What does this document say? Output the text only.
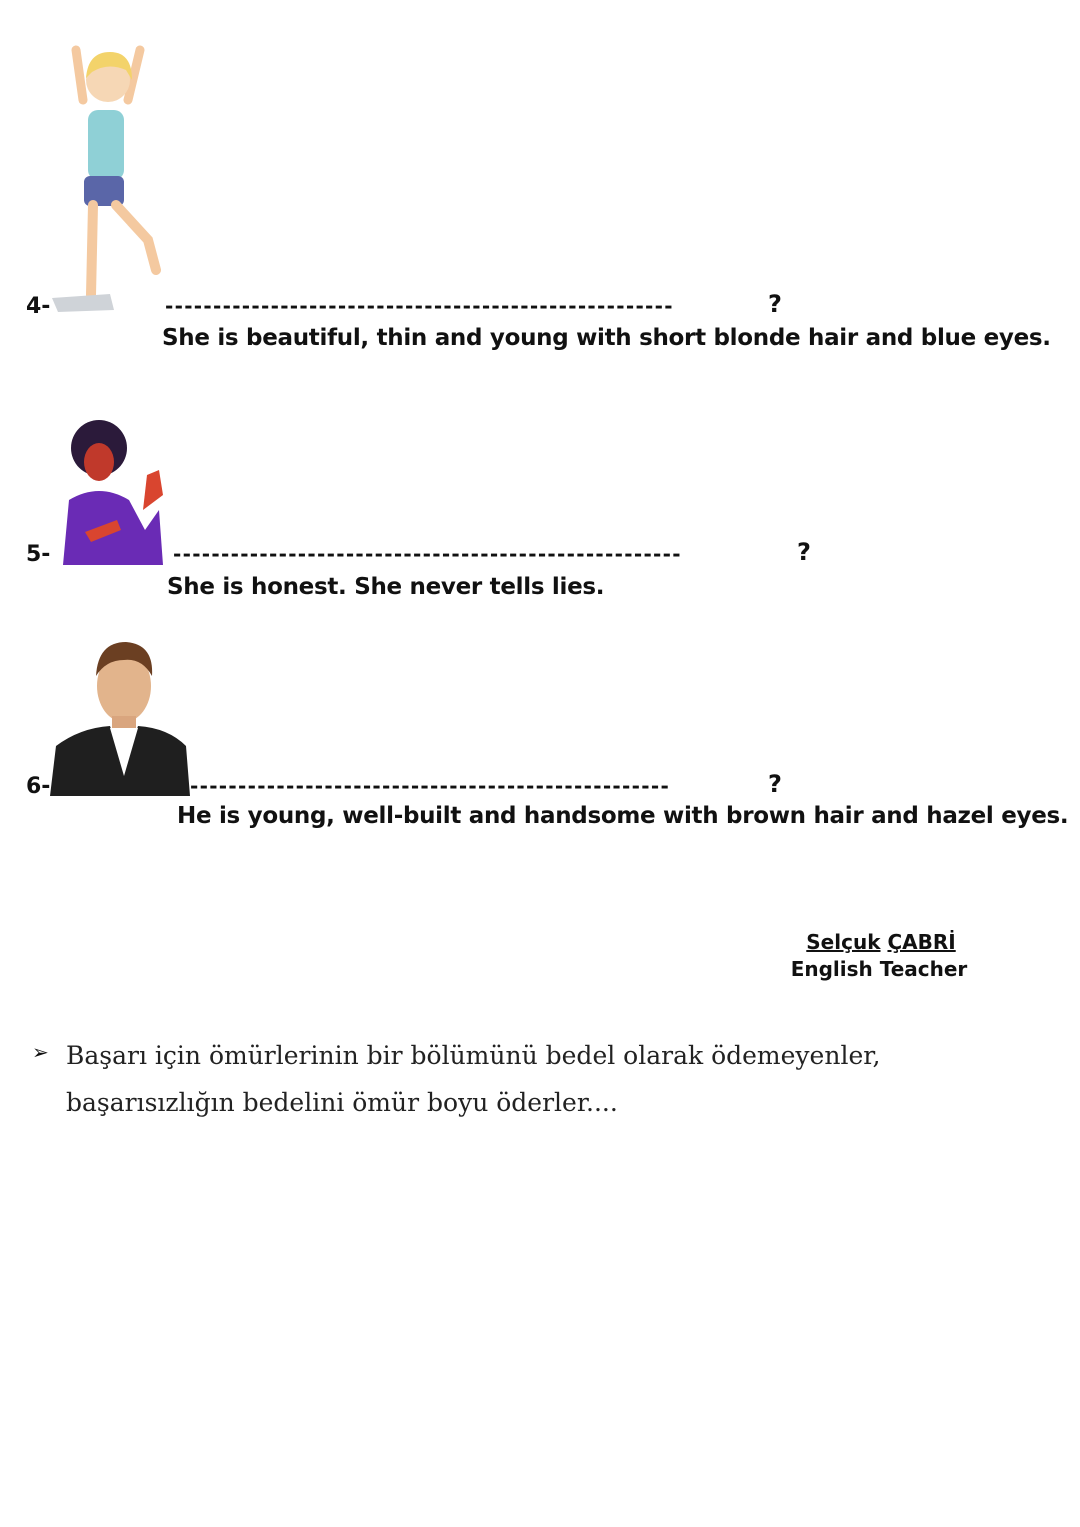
4-	-----------------------------------------------------	?
She is beautiful, thin and young with short blonde hair and blue eyes.
5-	-----------------------------------------------------	?
She is honest. She never tells lies.
6-	--------------------------------------------------	?
He is young, well-built and handsome with brown hair and hazel eyes.
Selçuk ÇABRİ
English Teacher
➢ Başarı için ömürlerinin bir bölümünü bedel olarak ödemeyenler, başarısızlığın bedelini ömür boyu öderler....
